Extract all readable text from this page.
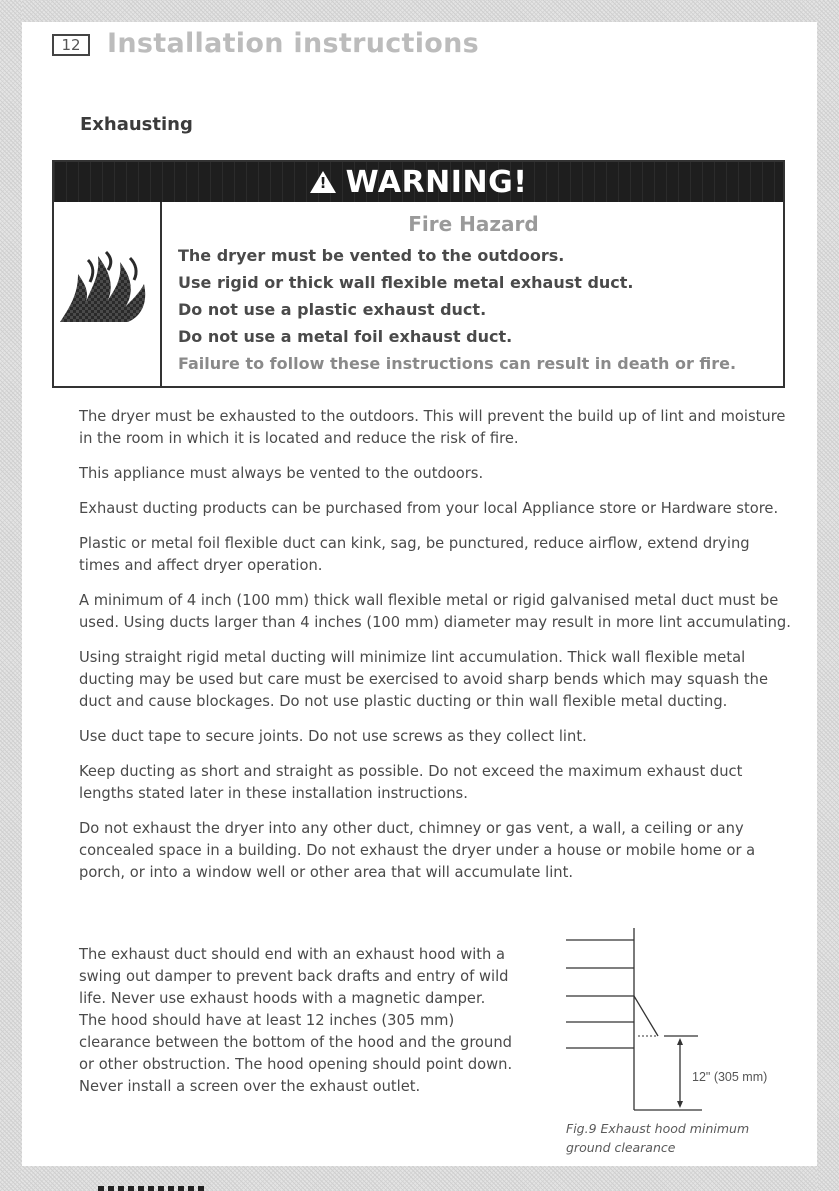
12 Installation instructions
Exhausting
!
WARNING!
Fire Hazard
The dryer must be vented to the outdoors.
Use rigid or thick wall flexible metal exhaust duct.
Do not use a plastic exhaust duct.
Do not use a metal foil exhaust duct.
Failure to follow these instructions can result in death or fire.

The dryer must be exhausted to the outdoors. This will prevent the build up of lint and moisture in the room in which it is located and reduce the risk of fire.

This appliance must always be vented to the outdoors.

Exhaust ducting products can be purchased from your local Appliance store or Hardware store.

Plastic or metal foil flexible duct can kink, sag, be punctured, reduce airflow, extend drying times and affect dryer operation.

A minimum of 4 inch (100 mm) thick wall flexible metal or rigid galvanised metal duct must be used. Using ducts larger than 4 inches (100 mm) diameter may result in more lint accumulating.

Using straight rigid metal ducting will minimize lint accumulation. Thick wall flexible metal ducting may be used but care must be exercised to avoid sharp bends which may squash the duct and cause blockages. Do not use plastic ducting or thin wall flexible metal ducting.

Use duct tape to secure joints. Do not use screws as they collect lint.

Keep ducting as short and straight as possible. Do not exceed the maximum exhaust duct lengths stated later in these installation instructions.

Do not exhaust the dryer into any other duct, chimney or gas vent, a wall, a ceiling or any concealed space in a building. Do not exhaust the dryer under a house or mobile home or a porch, or into a window well or other area that will accumulate lint.

The exhaust duct should end with an exhaust hood with a swing out damper to prevent back drafts and entry of wild life. Never use exhaust hoods with a magnetic damper. The hood should have at least 12 inches (305 mm) clearance between the bottom of the hood and the ground or other obstruction. The hood opening should point down. Never install a screen over the exhaust outlet.

12" (305 mm)

Fig.9 Exhaust hood minimum ground clearance
